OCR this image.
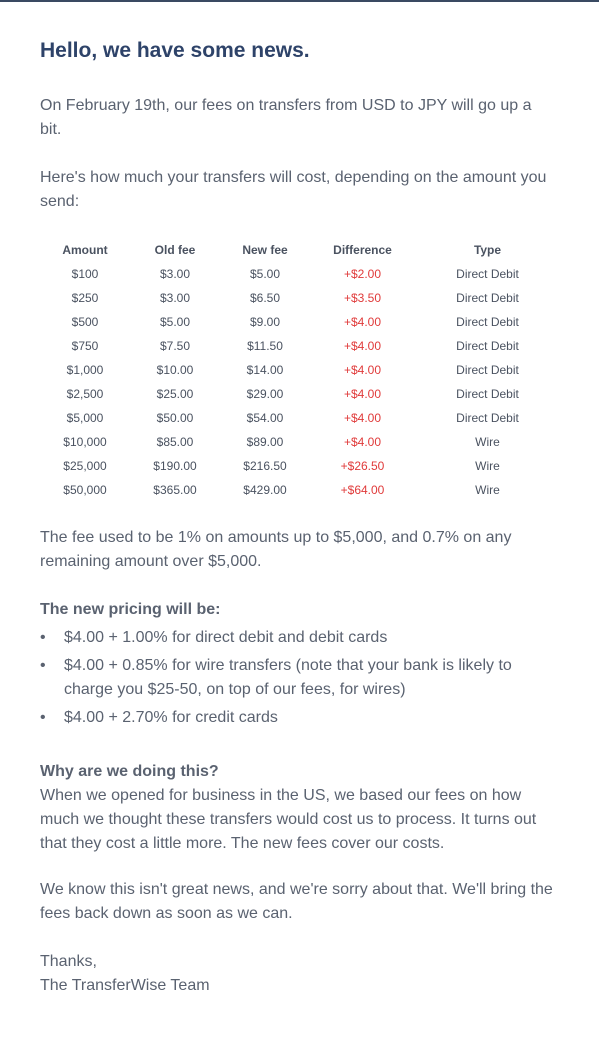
Hello, we have some news.

On February 19th, our fees on transfers from USD to JPY will go up a bit.

Here's how much your transfers will cost, depending on the amount you send:

Amount	Old fee	New fee	Difference	Type
$100	$3.00	$5.00	+$2.00	Direct Debit
$250	$3.00	$6.50	+$3.50	Direct Debit
$500	$5.00	$9.00	+$4.00	Direct Debit
$750	$7.50	$11.50	+$4.00	Direct Debit
$1,000	$10.00	$14.00	+$4.00	Direct Debit
$2,500	$25.00	$29.00	+$4.00	Direct Debit
$5,000	$50.00	$54.00	+$4.00	Direct Debit
$10,000	$85.00	$89.00	+$4.00	Wire
$25,000	$190.00	$216.50	+$26.50	Wire
$50,000	$365.00	$429.00	+$64.00	Wire

The fee used to be 1% on amounts up to $5,000, and 0.7% on any remaining amount over $5,000.

The new pricing will be:

• $4.00 + 1.00% for direct debit and debit cards
• $4.00 + 0.85% for wire transfers (note that your bank is likely to charge you $25-50, on top of our fees, for wires)
• $4.00 + 2.70% for credit cards

Why are we doing this?

When we opened for business in the US, we based our fees on how much we thought these transfers would cost us to process. It turns out that they cost a little more. The new fees cover our costs.

We know this isn't great news, and we're sorry about that. We'll bring the fees back down as soon as we can.

Thanks,

The TransferWise Team
